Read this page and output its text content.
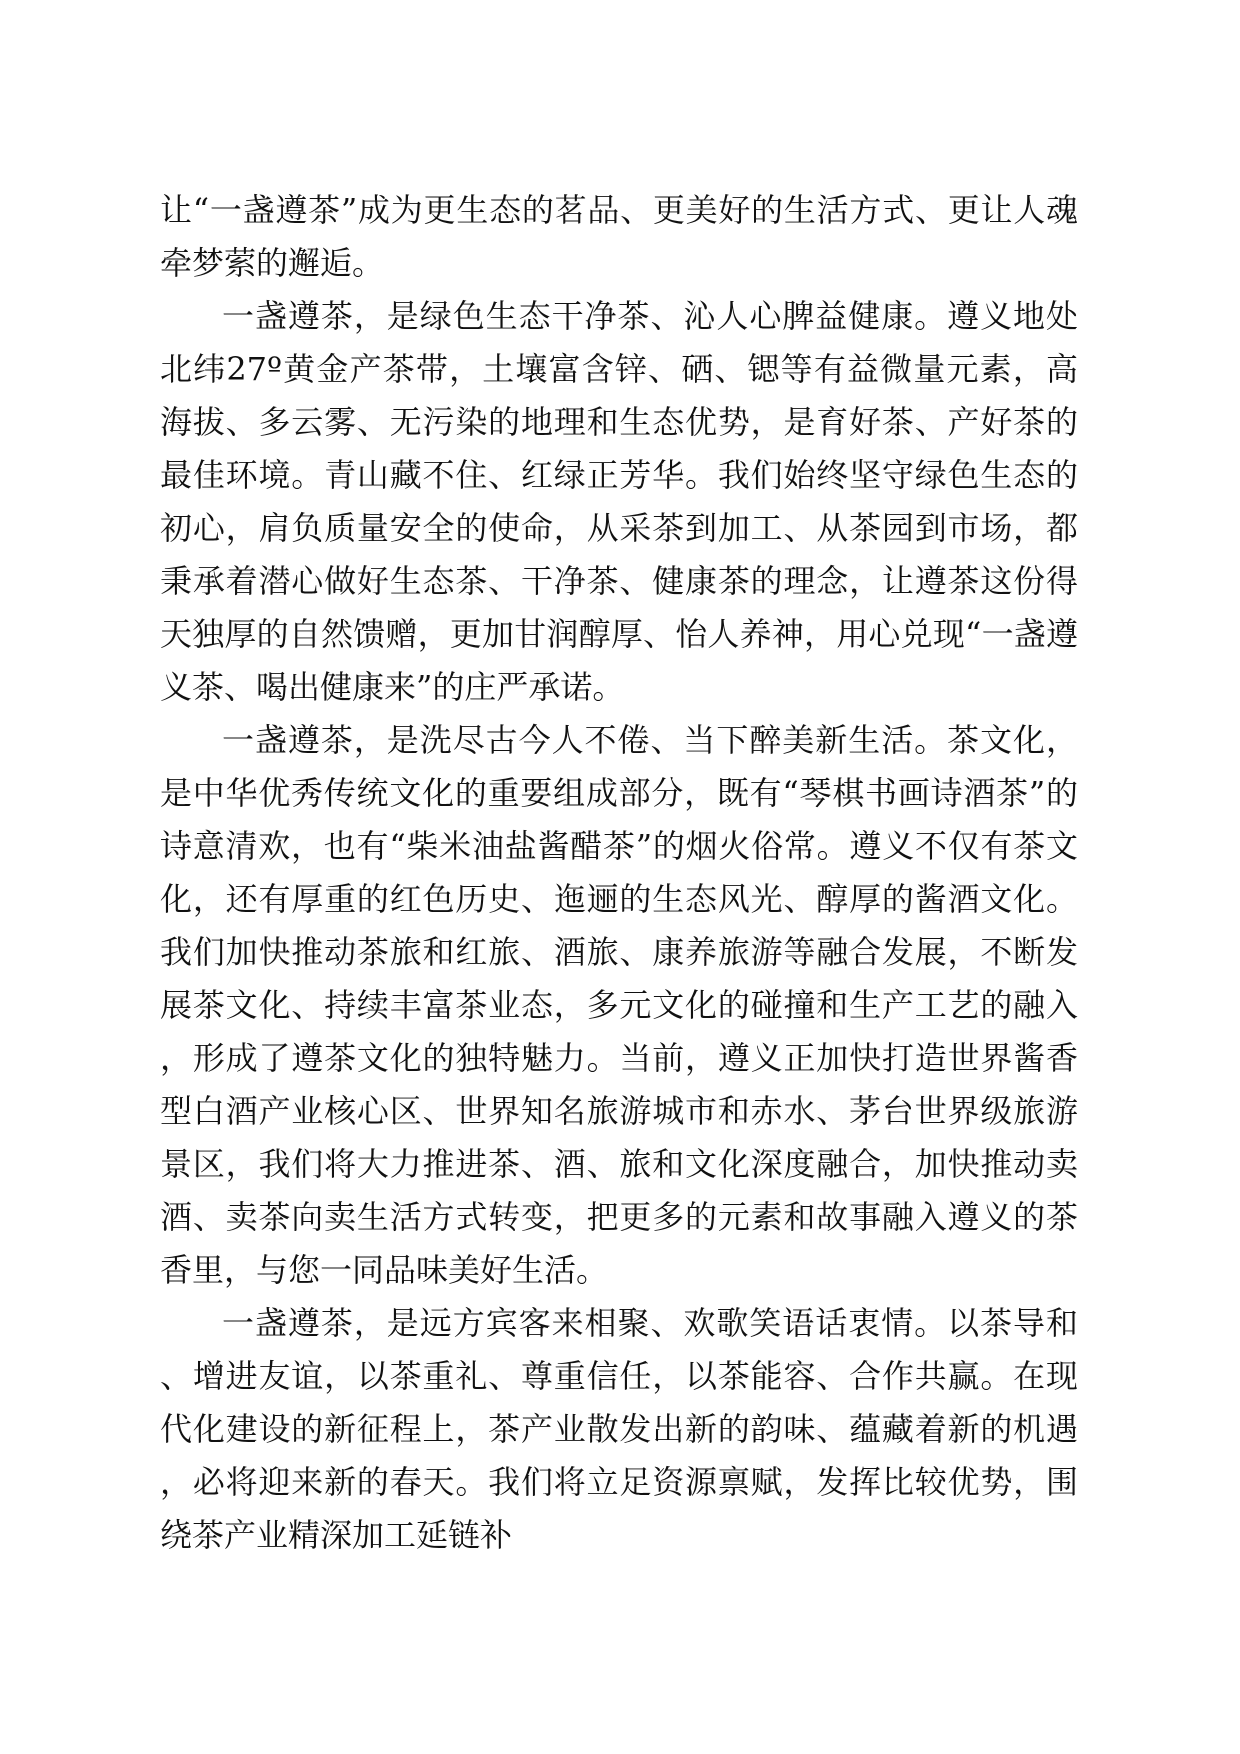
让“一盏遵茶”成为更生态的茗品、更美好的生活方式、更让人魂牵梦萦的邂逅。

一盏遵茶，是绿色生态干净茶、沁人心脾益健康。遵义地处北纬27º黄金产茶带，土壤富含锌、硒、锶等有益微量元素，高海拔、多云雾、无污染的地理和生态优势，是育好茶、产好茶的最佳环境。青山藏不住、红绿正芳华。我们始终坚守绿色生态的初心，肩负质量安全的使命，从采茶到加工、从茶园到市场，都秉承着潜心做好生态茶、干净茶、健康茶的理念，让遵茶这份得天独厚的自然馈赠，更加甘润醇厚、怡人养神，用心兑现“一盏遵义茶、喝出健康来”的庄严承诺。

一盏遵茶，是洗尽古今人不倦、当下醉美新生活。茶文化，是中华优秀传统文化的重要组成部分，既有“琴棋书画诗酒茶”的诗意清欢，也有“柴米油盐酱醋茶”的烟火俗常。遵义不仅有茶文化，还有厚重的红色历史、迤逦的生态风光、醇厚的酱酒文化。我们加快推动茶旅和红旅、酒旅、康养旅游等融合发展，不断发展茶文化、持续丰富茶业态，多元文化的碰撞和生产工艺的融入，形成了遵茶文化的独特魅力。当前，遵义正加快打造世界酱香型白酒产业核心区、世界知名旅游城市和赤水、茅台世界级旅游景区，我们将大力推进茶、酒、旅和文化深度融合，加快推动卖酒、卖茶向卖生活方式转变，把更多的元素和故事融入遵义的茶香里，与您一同品味美好生活。

一盏遵茶，是远方宾客来相聚、欢歌笑语话衷情。以茶导和、增进友谊，以茶重礼、尊重信任，以茶能容、合作共赢。在现代化建设的新征程上，茶产业散发出新的韵味、蕴藏着新的机遇，必将迎来新的春天。我们将立足资源禀赋，发挥比较优势，围绕茶产业精深加工延链补
